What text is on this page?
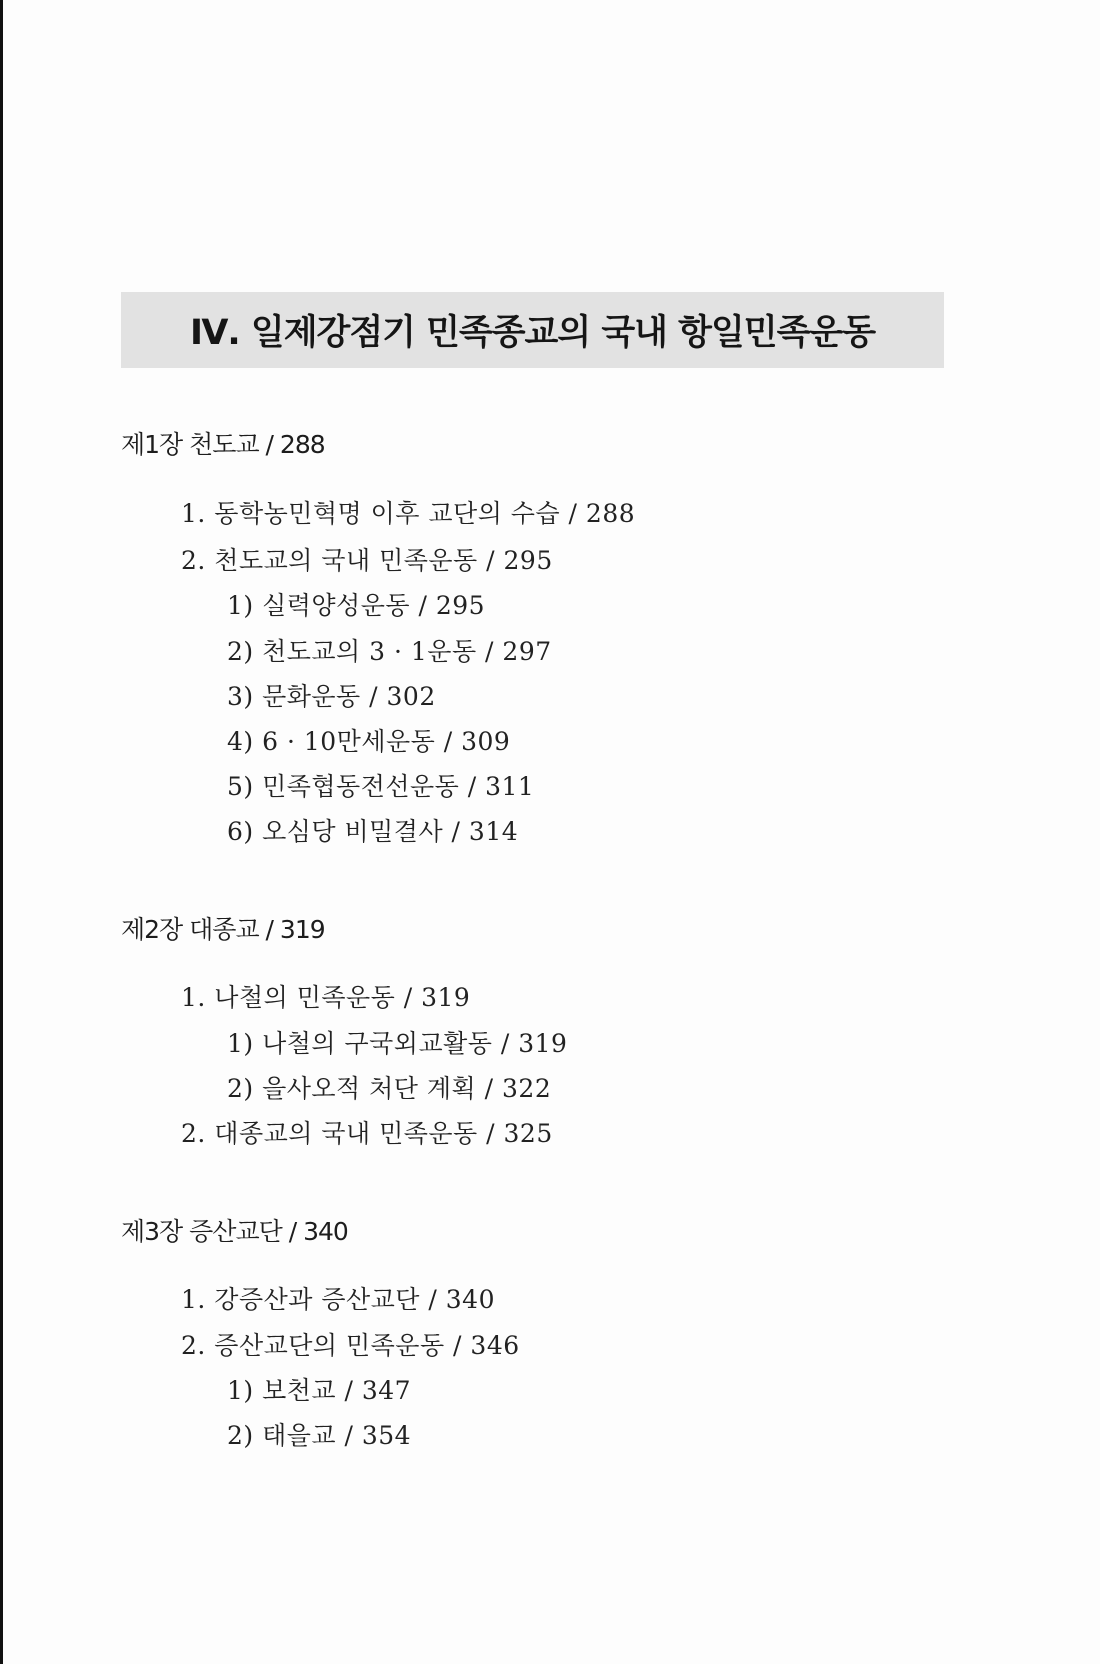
Ⅳ. 일제강점기 민족종교의 국내 항일민족운동
제1장 천도교 / 288
1. 동학농민혁명 이후 교단의 수습 / 288
2. 천도교의 국내 민족운동 / 295
1) 실력양성운동 / 295
2) 천도교의 3 · 1운동 / 297
3) 문화운동 / 302
4) 6 · 10만세운동 / 309
5) 민족협동전선운동 / 311
6) 오심당 비밀결사 / 314
제2장 대종교 / 319
1. 나철의 민족운동 / 319
1) 나철의 구국외교활동 / 319
2) 을사오적 처단 계획 / 322
2. 대종교의 국내 민족운동 / 325
제3장 증산교단 / 340
1. 강증산과 증산교단 / 340
2. 증산교단의 민족운동 / 346
1) 보천교 / 347
2) 태을교 / 354
